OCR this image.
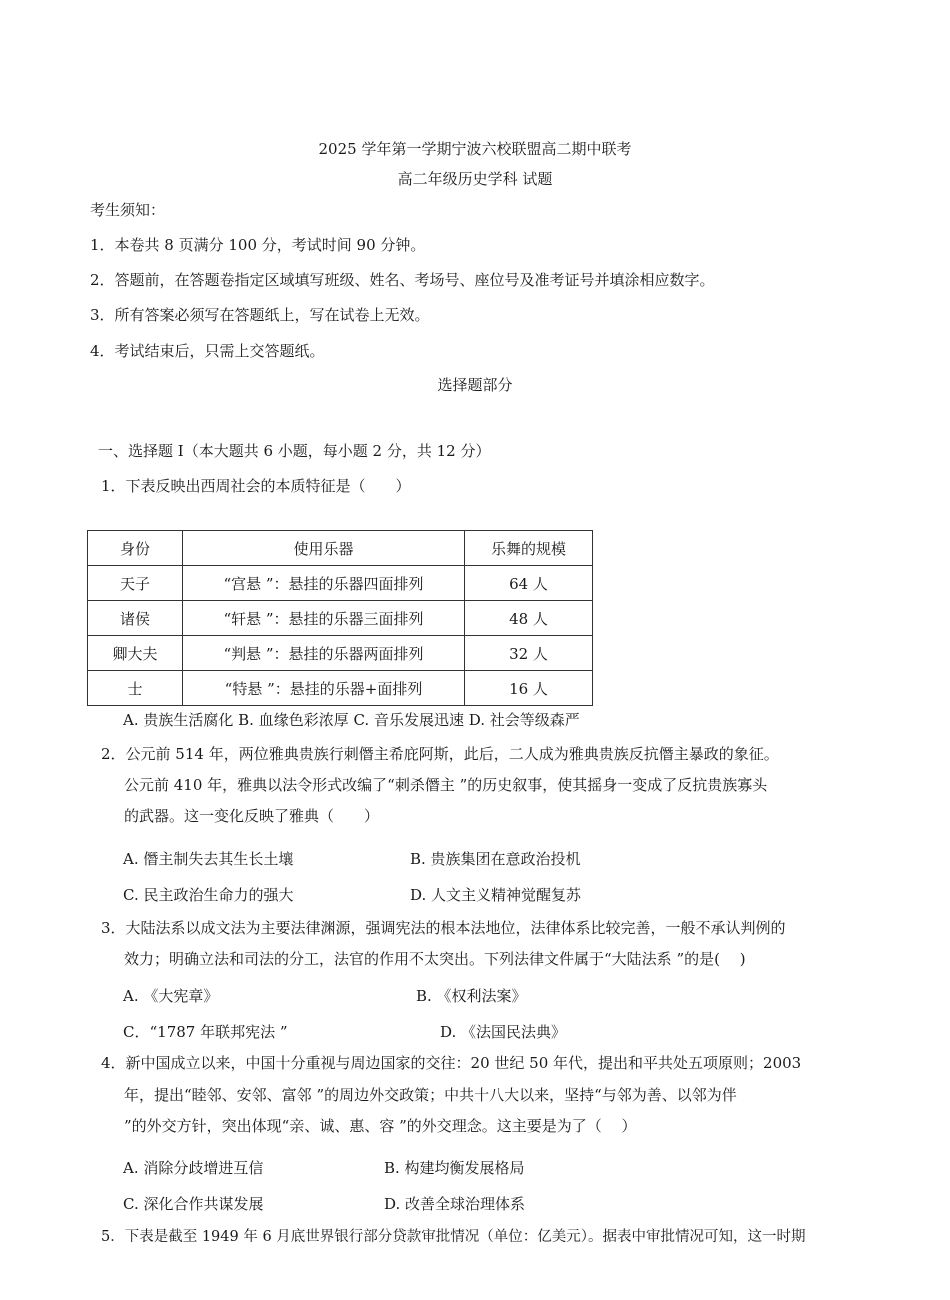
2025 学年第一学期宁波六校联盟高二期中联考
高二年级历史学科 试题
考生须知：
1．本卷共 8 页满分 100 分，考试时间 90 分钟。
2．答题前，在答题卷指定区域填写班级、姓名、考场号、座位号及准考证号并填涂相应数字。
3．所有答案必须写在答题纸上，写在试卷上无效。
4．考试结束后，只需上交答题纸。
选择题部分
一、选择题 I（本大题共 6 小题，每小题 2 分，共 12 分）
1．下表反映出西周社会的本质特征是（　　）
身份	使用乐器	乐舞的规模
天子	“宫悬 ”：悬挂的乐器四面排列	64 人
诸侯	“轩悬 ”：悬挂的乐器三面排列	48 人
卿大夫	“判悬 ”：悬挂的乐器两面排列	32 人
士	“特悬 ”：悬挂的乐器+面排列	16 人
A. 贵族生活腐化 B. 血缘色彩浓厚 C. 音乐发展迅速 D. 社会等级森严
2．公元前 514 年，两位雅典贵族行刺僭主希庇阿斯，此后，二人成为雅典贵族反抗僭主暴政的象征。
公元前 410 年，雅典以法令形式改编了“刺杀僭主 ”的历史叙事，使其摇身一变成了反抗贵族寡头
的武器。这一变化反映了雅典（　　）
A. 僭主制失去其生长土壤	B. 贵族集团在意政治投机
C. 民主政治生命力的强大	D. 人文主义精神觉醒复苏
3．大陆法系以成文法为主要法律渊源，强调宪法的根本法地位，法律体系比较完善，一般不承认判例的
效力；明确立法和司法的分工，法官的作用不太突出。下列法律文件属于“大陆法系 ”的是(　 )
A. 《大宪章》	B. 《权利法案》
C．“1787 年联邦宪法 ”	D. 《法国民法典》
4．新中国成立以来，中国十分重视与周边国家的交往：20 世纪 50 年代，提出和平共处五项原则；2003
年，提出“睦邻、安邻、富邻 ”的周边外交政策；中共十八大以来，坚持“与邻为善、以邻为伴
”的外交方针，突出体现“亲、诚、惠、容 ”的外交理念。这主要是为了（　 ）
A. 消除分歧增进互信	B. 构建均衡发展格局
C. 深化合作共谋发展	D. 改善全球治理体系
5．下表是截至 1949 年 6 月底世界银行部分贷款审批情况（单位：亿美元）。据表中审批情况可知，这一时期
